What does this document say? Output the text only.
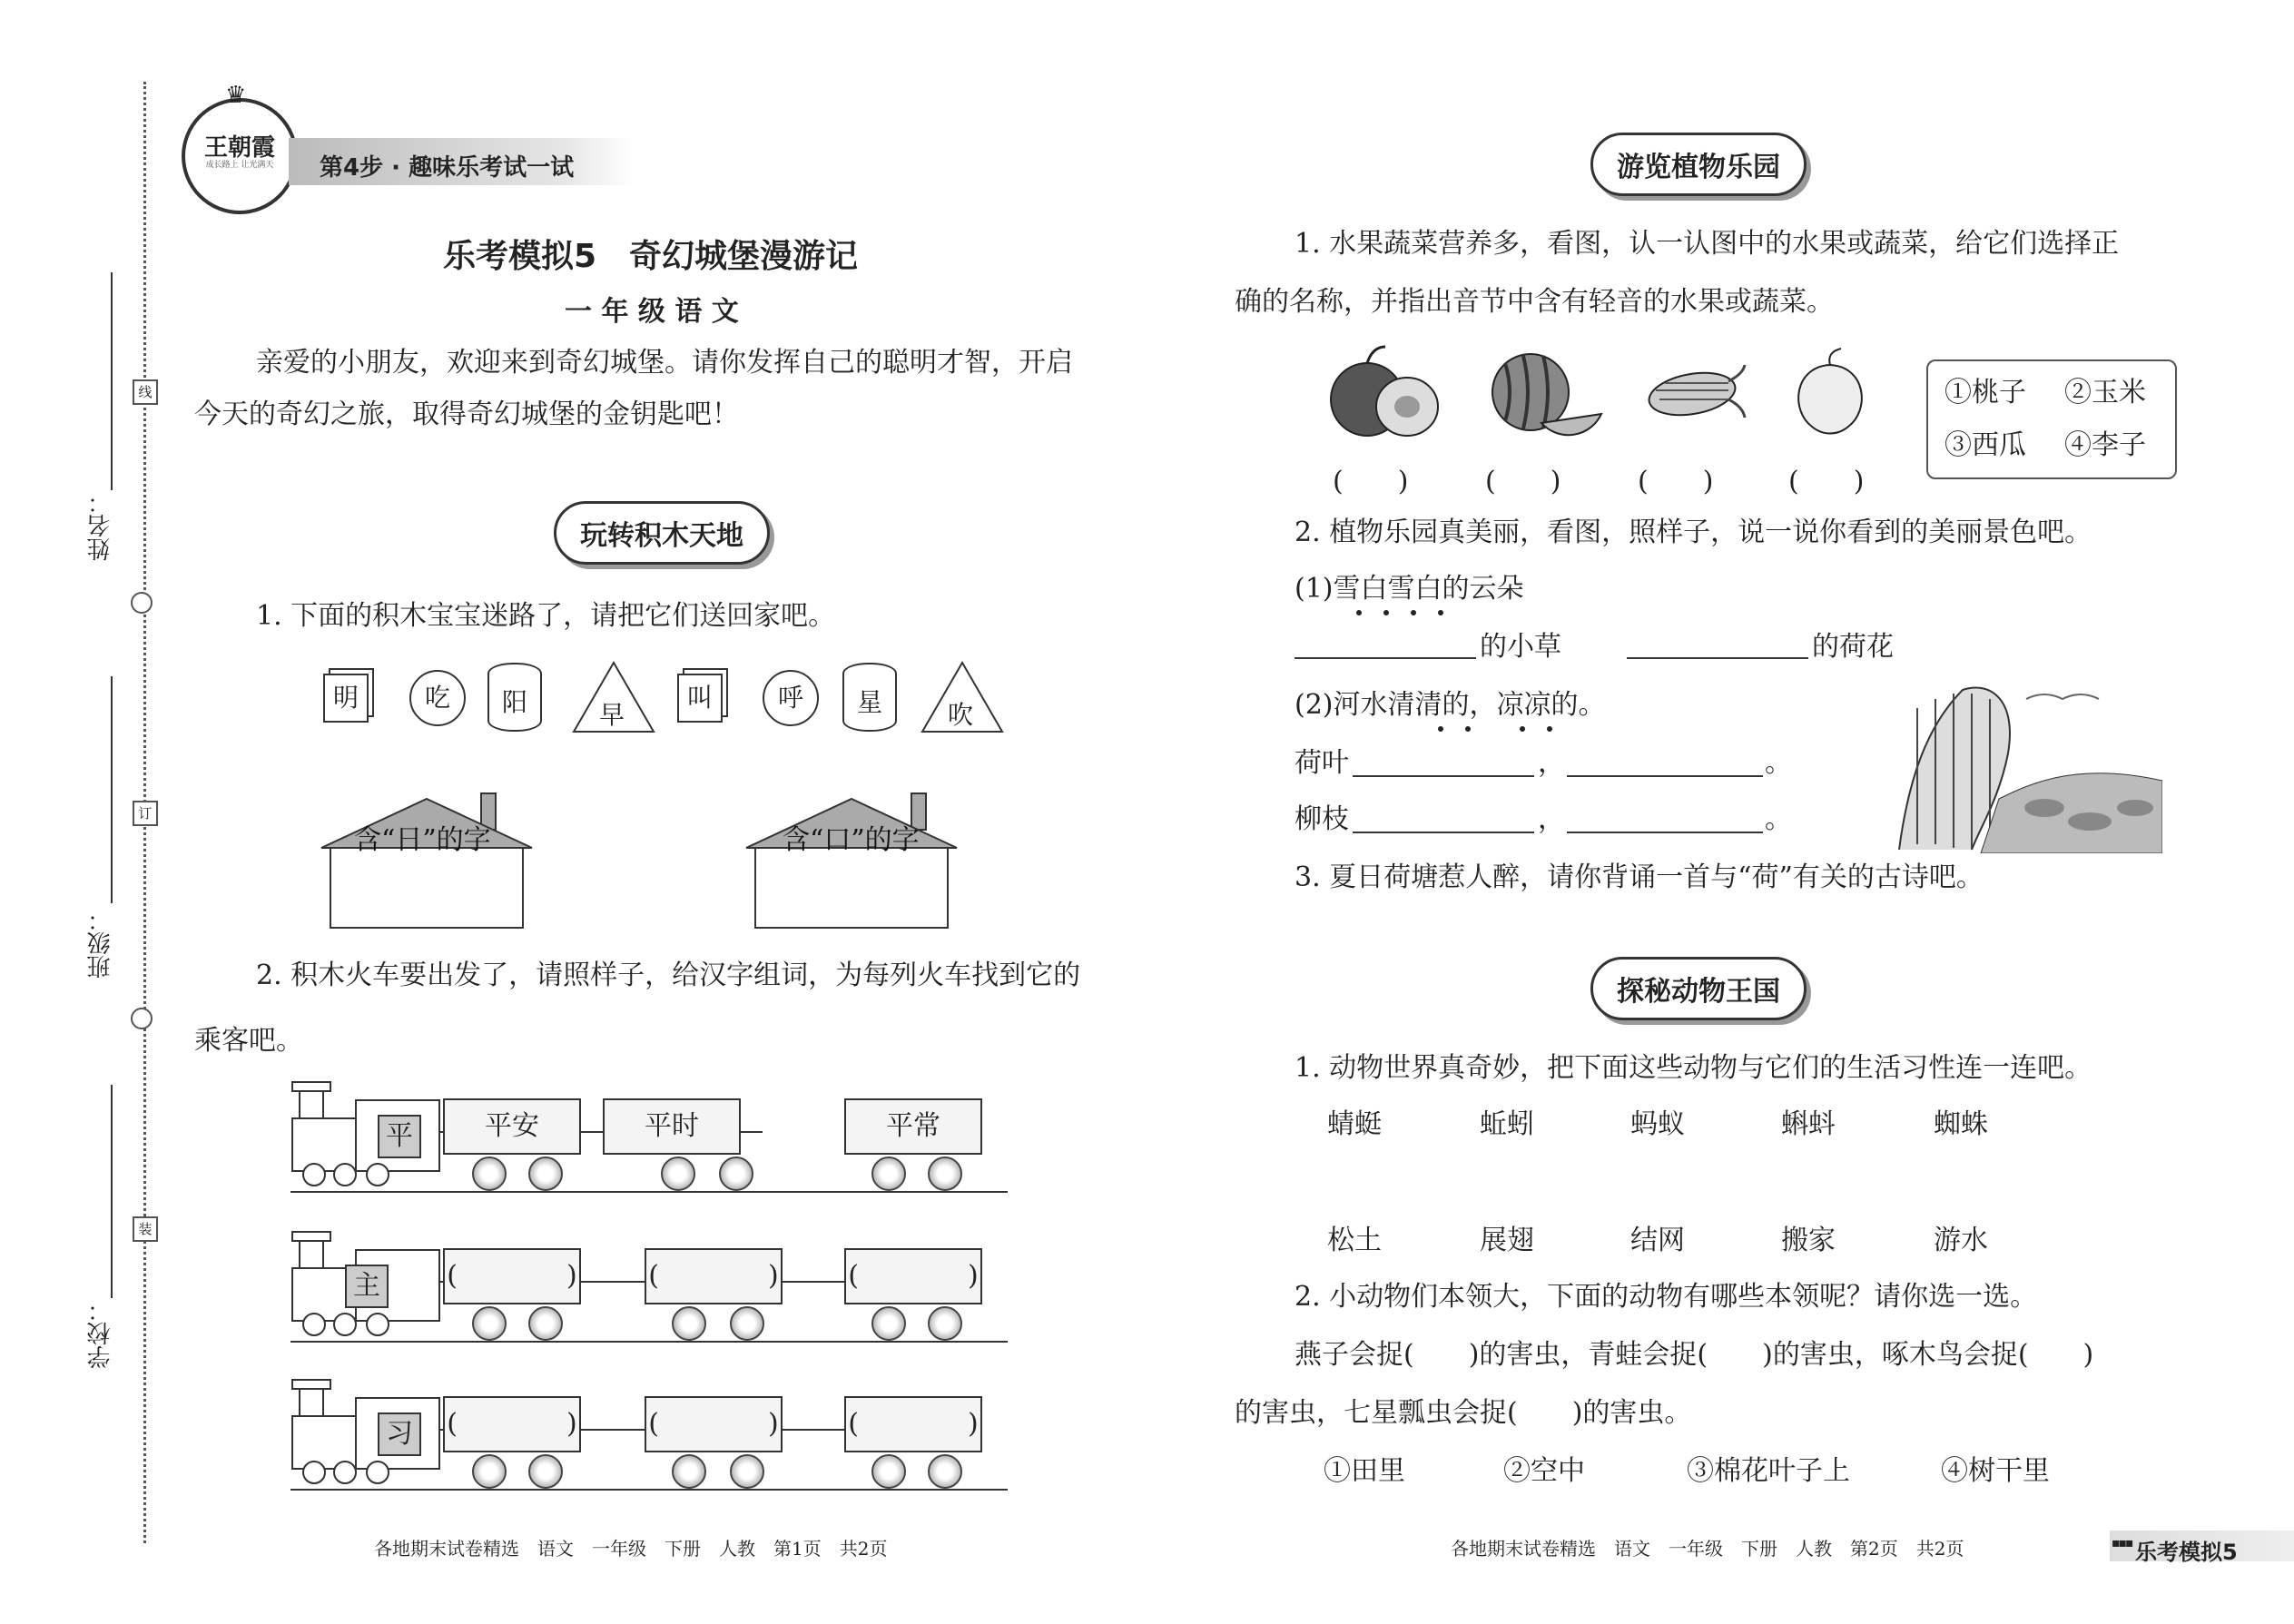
线
订
装
姓名：
班级：
学校：
王朝霞
成长路上 让光满天
♛
第4步 · 趣味乐考试一试
乐考模拟5　奇幻城堡漫游记
一 年 级 语 文
亲爱的小朋友，欢迎来到奇幻城堡。请你发挥自己的聪明才智，开启
今天的奇幻之旅，取得奇幻城堡的金钥匙吧！
玩转积木天地
1. 下面的积木宝宝迷路了，请把它们送回家吧。
明	吃	阳	早
叫	呼	星	吹
含“日”的字	含“口”的字
2. 积木火车要出发了，请照样子，给汉字组词，为每列火车找到它的
乘客吧。
平	平安	平时	平常
主	(　　　　)	(　　　　)	(　　　　)
习	(　　　　)	(　　　　)	(　　　　)
各地期末试卷精选　语文　一年级　下册　人教　第1页　共2页
游览植物乐园
1. 水果蔬菜营养多，看图，认一认图中的水果或蔬菜，给它们选择正
确的名称，并指出音节中含有轻音的水果或蔬菜。
(　　)	(　　)	(　　)	(　　)
①桃子 ②玉米
③西瓜 ④李子
2. 植物乐园真美丽，看图，照样子，说一说你看到的美丽景色吧。
(1)雪白雪白的云朵
的小草	的荷花
(2)河水清清的，凉凉的。
荷叶	，	。
柳枝	，	。
3. 夏日荷塘惹人醉，请你背诵一首与“荷”有关的古诗吧。
探秘动物王国
1. 动物世界真奇妙，把下面这些动物与它们的生活习性连一连吧。
蜻蜓	蚯蚓	蚂蚁	蝌蚪	蜘蛛
松土	展翅	结网	搬家	游水
2. 小动物们本领大，下面的动物有哪些本领呢？请你选一选。
燕子会捉(　　)的害虫，青蛙会捉(　　)的害虫，啄木鸟会捉(　　)
的害虫，七星瓢虫会捉(　　)的害虫。
①田里	②空中	③棉花叶子上	④树干里
各地期末试卷精选　语文　一年级　下册　人教　第2页　共2页	▪▪▪ 乐考模拟5
